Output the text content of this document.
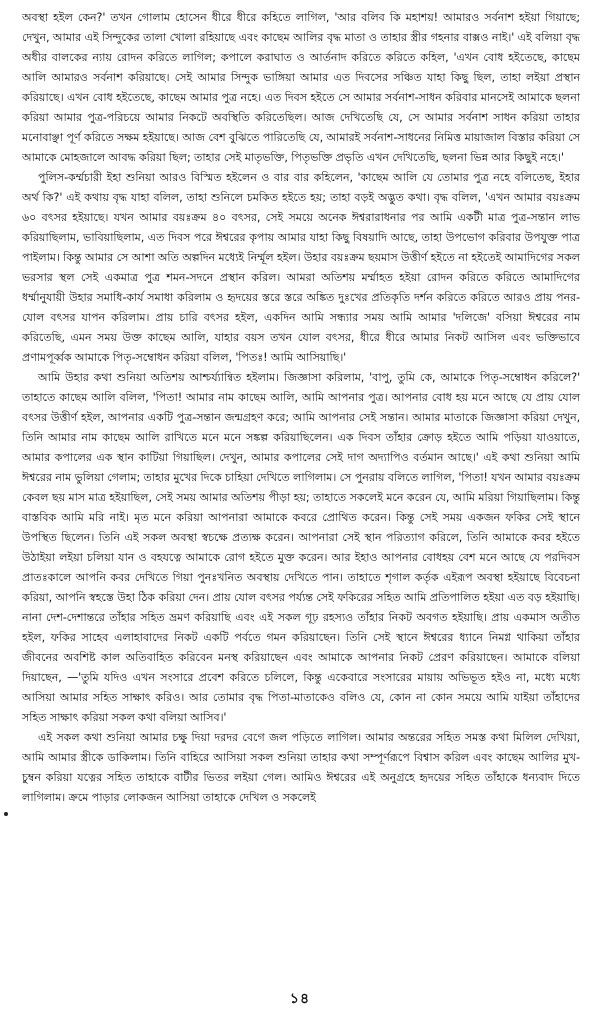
অবস্থা হইল কেন?' তখন গোলাম হোসেন ধীরে ধীরে কহিতে লাগিল, 'আর বলিব কি মহাশয়! আমারও সর্বনাশ হইয়া গিয়াছে; দেখুন, আমার এই সিন্দুকের তালা খোলা রহিয়াছে এবং কাছেম আলির বৃদ্ধ মাতা ও তাহার স্ত্রীর গহনার বাক্সও নাই।' এই বলিয়া বৃদ্ধ অধীর বালকের ন্যায় রোদন করিতে লাগিল; কপালে করাঘাত ও আর্তনাদ করিতে করিতে কহিল, 'এখন বোধ হইতেছে, কাছেম আলি আমারও সর্বনাশ করিয়াছে। সেই আমার সিন্দুক ভাঙ্গিয়া আমার এত দিবসের সঞ্চিত যাহা কিছু ছিল, তাহা লইয়া প্রস্থান করিয়াছে। এখন বোধ হইতেছে, কাছেম আমার পুত্র নহে। এত দিবস হইতে সে আমার সর্বনাশ-সাধন করিবার মানসেই আমাকে ছলনা করিয়া আমার পুত্র-পরিচয়ে আমার নিকটে অবস্থিতি করিতেছিল। আজ দেখিতেছি যে, সে আমার সর্বনাশ সাধন করিয়া তাহার মনোবাঞ্ছা পূর্ণ করিতে সক্ষম হইয়াছে। আজ বেশ বুঝিতে পারিতেছি যে, আমারই সর্বনাশ-সাধনের নিমিত্ত মায়াজাল বিস্তার করিয়া সে আমাকে মোহজালে আবদ্ধ করিয়া ছিল; তাহার সেই মাতৃভক্তি, পিতৃভক্তি প্রভৃতি এখন দেখিতেছি, ছলনা ভিন্ন আর কিছুই নহে।'

পুলিস-কর্ম্মচারী ইহা শুনিয়া আরও বিস্মিত হইলেন ও বার বার কহিলেন, 'কাছেম আলি যে তোমার পুত্র নহে বলিতেছ, ইহার অর্থ কি?' এই কথায় বৃদ্ধ যাহা বলিল, তাহা শুনিলে চমকিত হইতে হয়; তাহা বড়ই অদ্ভুত কথা। বৃদ্ধ বলিল, 'এখন আমার বয়ঃক্রম ৬০ বৎসর হইয়াছে। যখন আমার বয়ঃক্রম ৪০ বৎসর, সেই সময়ে অনেক ঈশ্বরারাধনার পর আমি একটী মাত্র পুত্র-সন্তান লাভ করিয়াছিলাম, ভাবিয়াছিলাম, এত দিবস পরে ঈশ্বরের কৃপায় আমার যাহা কিছু বিষয়াদি আছে, তাহা উপভোগ করিবার উপযুক্ত পাত্র পাইলাম। কিন্তু আমার সে আশা অতি অল্পদিন মধ্যেই নির্ম্মূল হইল। উহার বয়ঃক্রম ছয়মাস উত্তীর্ণ হইতে না হইতেই আমাদিগের সকল ভরসার স্থল সেই একমাত্র পুত্র শমন-সদনে প্রস্থান করিল। আমরা অতিশয় মর্ম্মাহত হইয়া রোদন করিতে করিতে আমাদিগের ধর্ম্মানুযায়ী উহার সমাধি-কার্য সমাধা করিলাম ও হৃদয়ের স্তরে স্তরে অঙ্কিত দুঃখের প্রতিকৃতি দর্শন করিতে করিতে আরও প্রায় পনর-যোল বৎসর যাপন করিলাম। প্রায় চারি বৎসর হইল, একদিন আমি সন্ধ্যার সময় আমি আমার 'দলিজে' বসিয়া ঈশ্বরের নাম করিতেছি, এমন সময় উক্ত কাছেম আলি, যাহার বয়স তখন যোল বৎসর, ধীরে ধীরে আমার নিকট আসিল এবং ভক্তিভাবে প্রণামপূর্ব্বক আমাকে পিতৃ-সম্বোধন করিয়া বলিল, 'পিতঃ! আমি আসিয়াছি।'

আমি উহার কথা শুনিয়া অতিশয় আশ্চর্য্যান্বিত হইলাম। জিজ্ঞাসা করিলাম, 'বাপু, তুমি কে, আমাকে পিতৃ-সম্বোধন করিলে?' তাহাতে কাছেম আলি বলিল, 'পিতা! আমার নাম কাছেম আলি, আমি আপনার পুত্র। আপনার বোধ হয় মনে আছে যে প্রায় যোল বৎসর উত্তীর্ণ হইল, আপনার একটি পুত্র-সন্তান জন্মগ্রহণ করে; আমি আপনার সেই সন্তান। আমার মাতাকে জিজ্ঞাসা করিয়া দেখুন, তিনি আমার নাম কাছেম আলি রাখিতে মনে মনে সঙ্কল্প করিয়াছিলেন। এক দিবস তাঁহার ক্রোড় হইতে আমি পড়িয়া যাওয়াতে, আমার কপালের এক স্থান কাটিয়া গিয়াছিল। দেখুন, আমার কপালের সেই দাগ অদ্যাপিও বর্তমান আছে।' এই কথা শুনিয়া আমি ঈশ্বরের নাম ভুলিয়া গেলাম; তাহার মুখের দিকে চাহিয়া দেখিতে লাগিলাম। সে পুনরায় বলিতে লাগিল, 'পিতা! যখন আমার বয়ঃক্রম কেবল ছয় মাস মাত্র হইয়াছিল, সেই সময় আমার অতিশয় পীড়া হয়; তাহাতে সকলেই মনে করেন যে, আমি মরিয়া গিয়াছিলাম। কিন্তু বাস্তবিক আমি মরি নাই। মৃত মনে করিয়া আপনারা আমাকে কবরে প্রোথিত করেন। কিন্তু সেই সময় একজন ফকির সেই স্থানে উপস্থিত ছিলেন। তিনি এই সকল অবস্থা স্বচক্ষে প্রত্যক্ষ করেন। আপনারা সেই স্থান পরিত্যাগ করিলে, তিনি আমাকে কবর হইতে উঠাইয়া লইয়া চলিয়া যান ও বহযত্নে আমাকে রোগ হইতে মুক্ত করেন। আর ইহাও আপনার বোধহয় বেশ মনে আছে যে পরদিবস প্রাতঃকালে আপনি কবর দেখিতে গিয়া পুনঃখনিত অবস্থায় দেখিতে পান। তাহাতে শৃগাল কর্তৃক এইরূপ অবস্থা হইয়াছে বিবেচনা করিয়া, আপনি স্বহস্তে উহা ঠিক করিয়া দেন। প্রায় যোল বৎসর পর্য্যন্ত সেই ফকিরের সহিত আমি প্রতিপালিত হইয়া এত বড় হইয়াছি। নানা দেশ-দেশান্তরে তাঁহার সহিত ভ্রমণ করিয়াছি এবং এই সকল গূঢ় রহস্যও তাঁহার নিকট অবগত হইয়াছি। প্রায় একমাস অতীত হইল, ফকির সাহেব এলাহাবাদের নিকট একটি পর্বতে গমন করিয়াছেন। তিনি সেই স্থানে ঈশ্বরের ধ্যানে নিমগ্ন থাকিয়া তাঁহার জীবনের অবশিষ্ট কাল অতিবাহিত করিবেন মনস্থ করিয়াছেন এবং আমাকে আপনার নিকট প্রেরণ করিয়াছেন। আমাকে বলিয়া দিয়াছেন, —'তুমি যদিও এখন সংসারে প্রবেশ করিতে চলিলে, কিন্তু একেবারে সংসারের মায়ায় অভিভূত হইও না, মধ্যে মধ্যে আসিয়া আমার সহিত সাক্ষাৎ করিও। আর তোমার বৃদ্ধ পিতা-মাতাকেও বলিও যে, কোন না কোন সময়ে আমি যাইয়া তাঁহাদের সহিত সাক্ষাৎ করিয়া সকল কথা বলিয়া আসিব।'

এই সকল কথা শুনিয়া আমার চক্ষু দিয়া দরদর বেগে জল পড়িতে লাগিল। আমার অন্তরের সহিত সমস্ত কথা মিলিল দেখিয়া, আমি আমার স্ত্রীকে ডাকিলাম। তিনি বাহিরে আসিয়া সকল শুনিয়া তাহার কথা সম্পূর্ণরূপে বিশ্বাস করিল এবং কাছেম আলির মুখ-চুম্বন করিয়া যত্নের সহিত তাহাকে বাটীর ভিতর লইয়া গেল। আমিও ঈশ্বরের এই অনুগ্রহে হৃদয়ের সহিত তাঁহাকে ধন্যবাদ দিতে লাগিলাম। ক্রমে পাড়ার লোকজন আসিয়া তাহাকে দেখিল ও সকলেই

১৪
